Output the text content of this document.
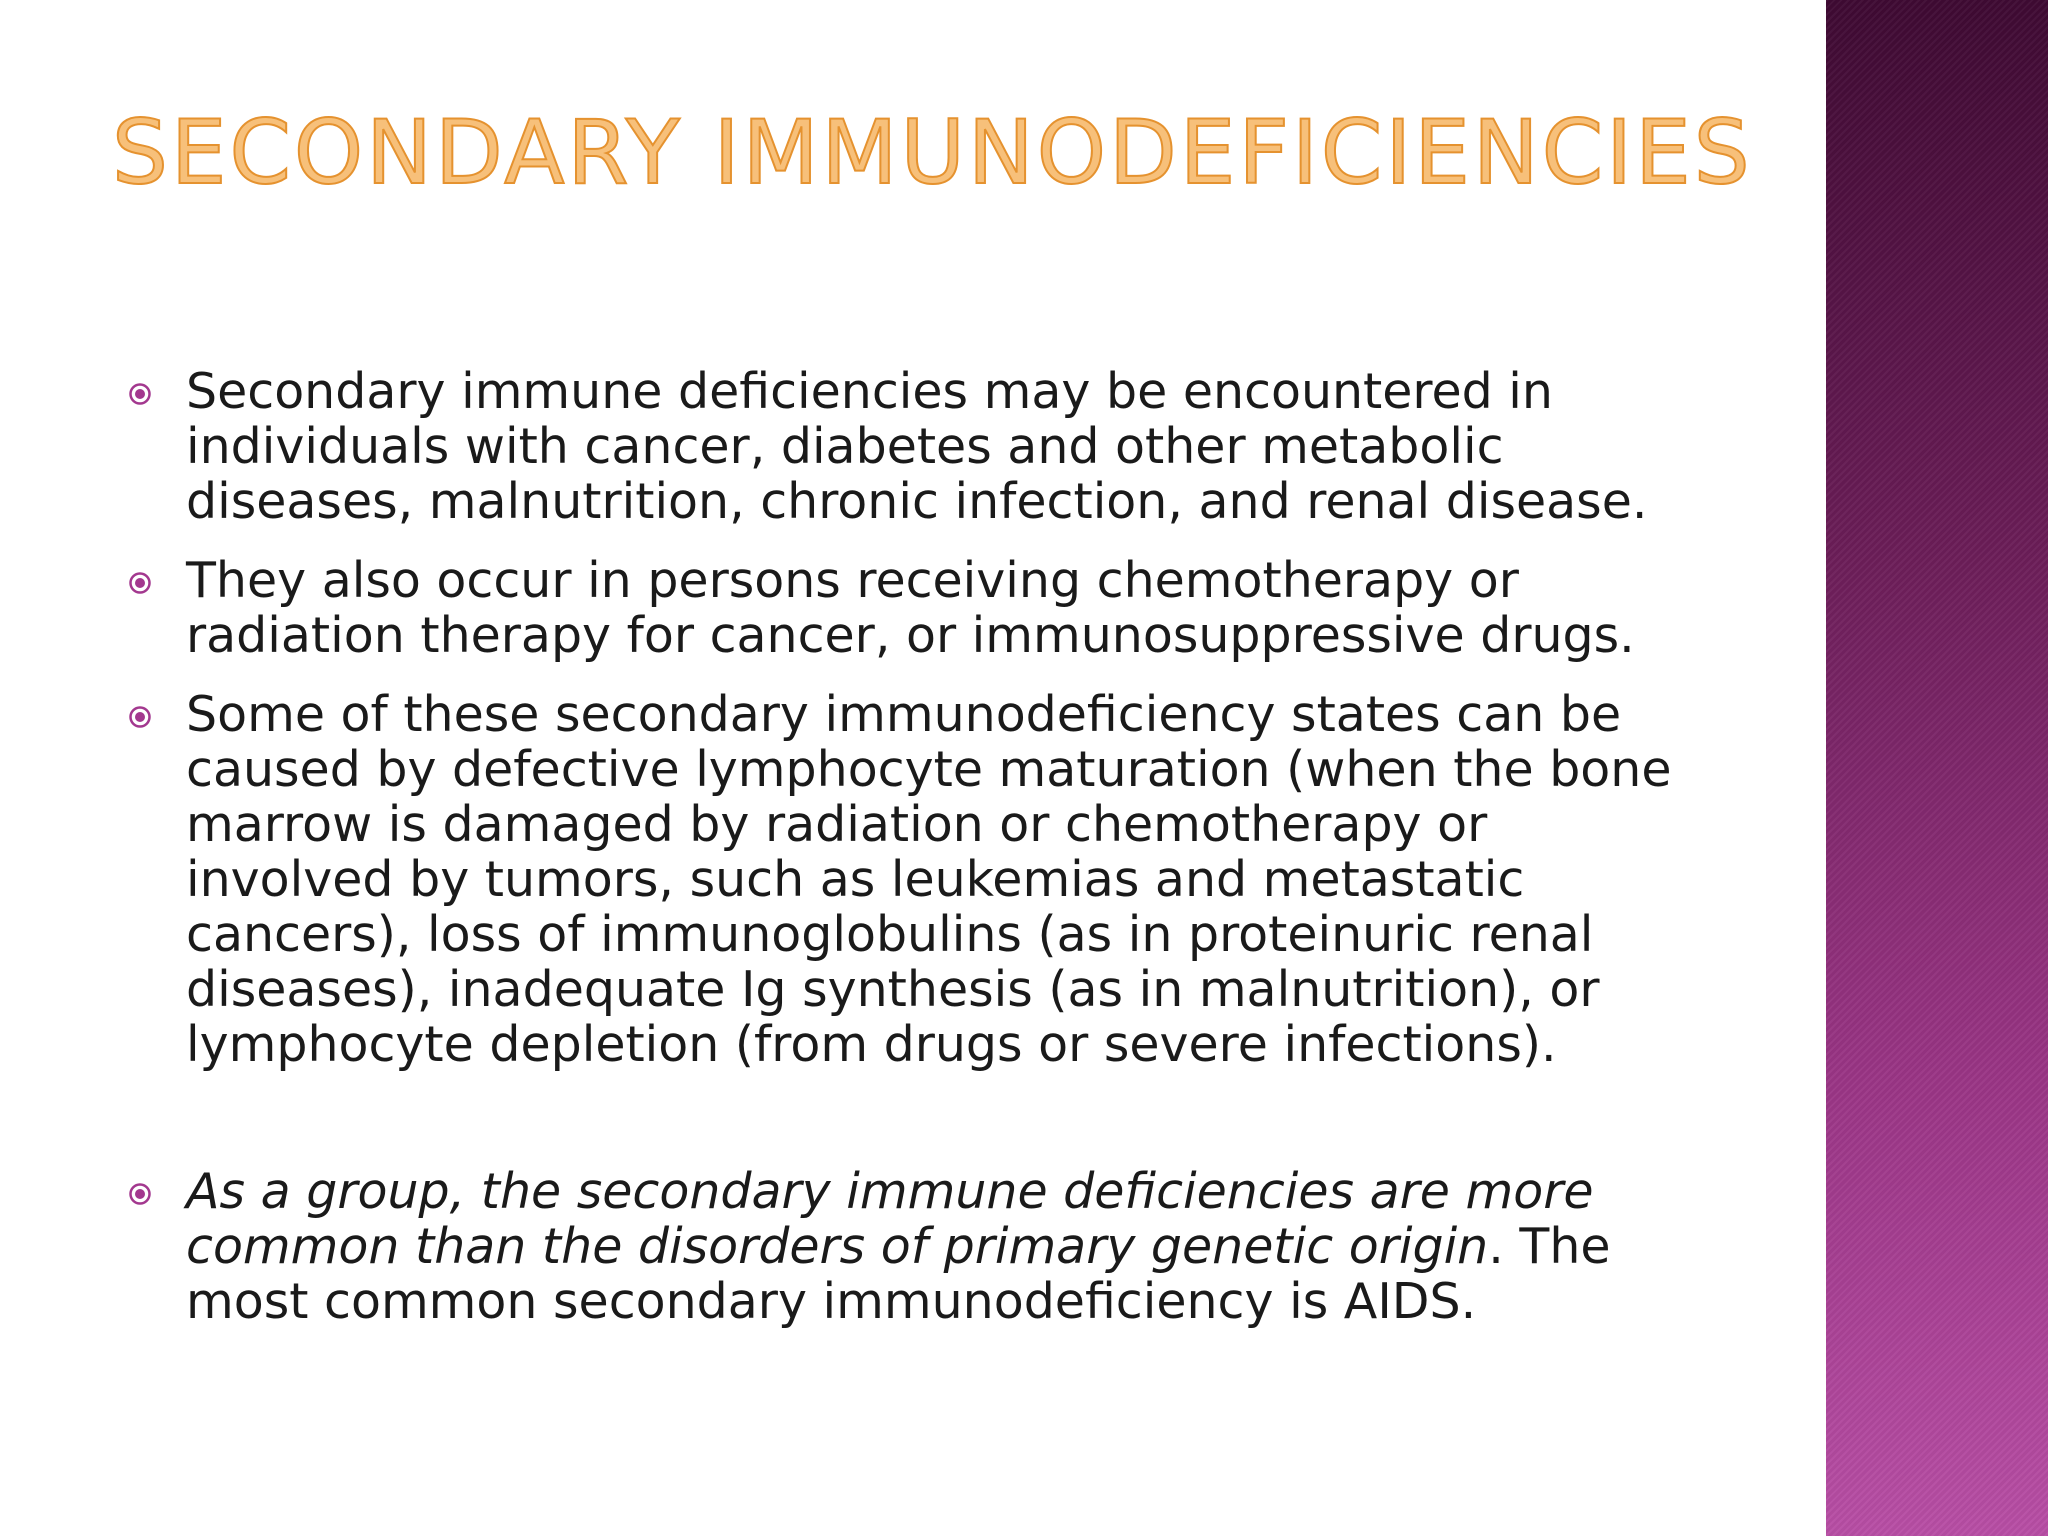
SECONDARY IMMUNODEFICIENCIES
Secondary immune deficiencies may be encountered in individuals with cancer, diabetes and other metabolic diseases, malnutrition, chronic infection, and renal disease.
They also occur in persons receiving chemotherapy or radiation therapy for cancer, or immunosuppressive drugs.
Some of these secondary immunodeficiency states can be caused by defective lymphocyte maturation (when the bone marrow is damaged by radiation or chemotherapy or involved by tumors, such as leukemias and metastatic cancers), loss of immunoglobulins (as in proteinuric renal diseases), inadequate Ig synthesis (as in malnutrition), or lymphocyte depletion (from drugs or severe infections).
As a group, the secondary immune deficiencies are more common than the disorders of primary genetic origin. The most common secondary immunodeficiency is AIDS.
